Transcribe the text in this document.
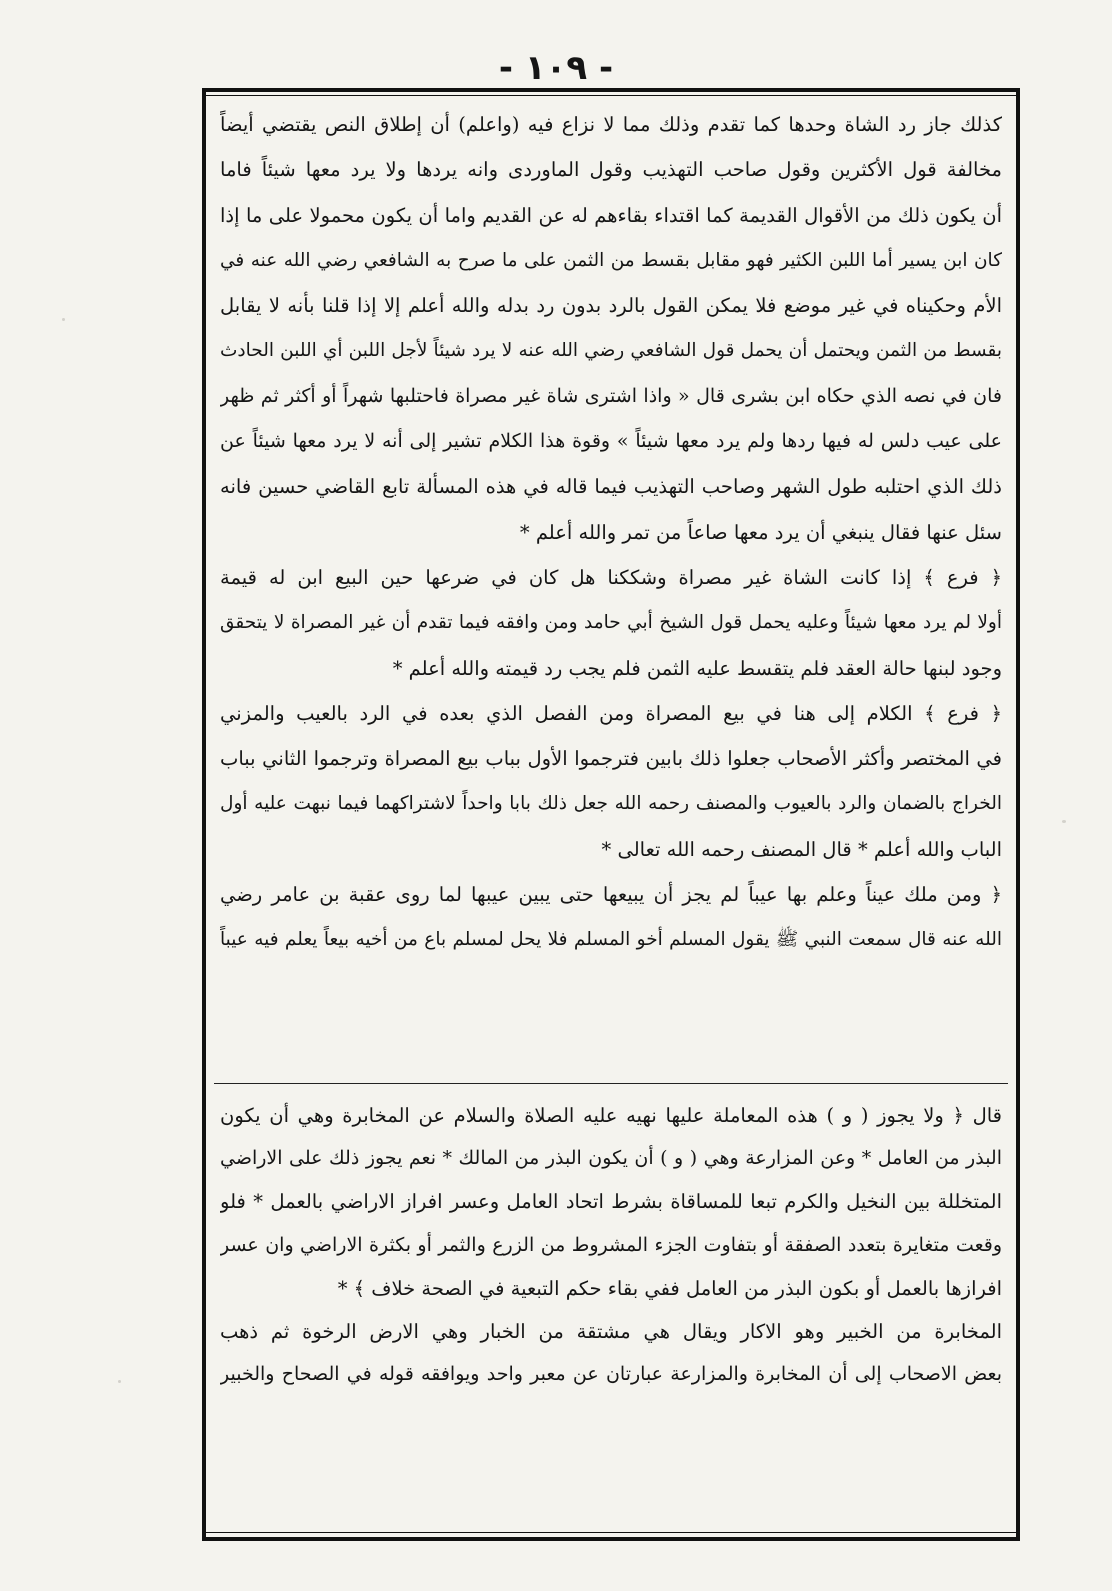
- ١٠٩ -
كذلك جاز رد الشاة وحدها كما تقدم وذلك مما لا نزاع فيه (واعلم) أن إطلاق النص يقتضي أيضاً
مخالفة قول الأكثرين وقول صاحب التهذيب وقول الماوردى وانه يردها ولا يرد معها شيئاً فاما
أن يكون ذلك من الأقوال القديمة كما اقتداء بقاءهم له عن القديم واما أن يكون محمولا على ما إذا
كان ابن يسير أما اللبن الكثير فهو مقابل بقسط من الثمن على ما صرح به الشافعي رضي الله عنه في
الأم وحكيناه في غير موضع فلا يمكن القول بالرد بدون رد بدله والله أعلم إلا إذا قلنا بأنه لا يقابل
بقسط من الثمن ويحتمل أن يحمل قول الشافعي رضي الله عنه لا يرد شيئاً لأجل اللبن أي اللبن الحادث
فان في نصه الذي حكاه ابن بشرى قال « واذا اشترى شاة غير مصراة فاحتلبها شهراً أو أكثر ثم ظهر
على عيب دلس له فيها ردها ولم يرد معها شيئاً » وقوة هذا الكلام تشير إلى أنه لا يرد معها شيئاً عن
ذلك الذي احتلبه طول الشهر وصاحب التهذيب فيما قاله في هذه المسألة تابع القاضي حسين فانه
سئل عنها فقال ينبغي أن يرد معها صاعاً من تمر والله أعلم *
﴿ فرع ﴾ إذا كانت الشاة غير مصراة وشككنا هل كان في ضرعها حين البيع ابن له قيمة
أولا لم يرد معها شيئاً وعليه يحمل قول الشيخ أبي حامد ومن وافقه فيما تقدم أن غير المصراة لا يتحقق
وجود لبنها حالة العقد فلم يتقسط عليه الثمن فلم يجب رد قيمته والله أعلم *
﴿ فرع ﴾ الكلام إلى هنا في بيع المصراة ومن الفصل الذي بعده في الرد بالعيب والمزني
في المختصر وأكثر الأصحاب جعلوا ذلك بابين فترجموا الأول بباب بيع المصراة وترجموا الثاني بباب
الخراج بالضمان والرد بالعيوب والمصنف رحمه الله جعل ذلك بابا واحداً لاشتراكهما فيما نبهت عليه أول
الباب والله أعلم * قال المصنف رحمه الله تعالى *
﴿ ومن ملك عيناً وعلم بها عيباً لم يجز أن يبيعها حتى يبين عيبها لما روى عقبة بن عامر رضي
الله عنه قال سمعت النبي ﷺ يقول المسلم أخو المسلم فلا يحل لمسلم باع من أخيه بيعاً يعلم فيه عيباً
قال ﴿ ولا يجوز ( و ) هذه المعاملة عليها نهيه عليه الصلاة والسلام عن المخابرة وهي أن يكون
البذر من العامل * وعن المزارعة وهي ( و ) أن يكون البذر من المالك * نعم يجوز ذلك على الاراضي
المتخللة بين النخيل والكرم تبعا للمساقاة بشرط اتحاد العامل وعسر افراز الاراضي بالعمل * فلو
وقعت متغايرة بتعدد الصفقة أو بتفاوت الجزء المشروط من الزرع والثمر أو بكثرة الاراضي وان عسر
افرازها بالعمل أو بكون البذر من العامل ففي بقاء حكم التبعية في الصحة خلاف ﴾ *
المخابرة من الخبير وهو الاكار ويقال هي مشتقة من الخبار وهي الارض الرخوة ثم ذهب
بعض الاصحاب إلى أن المخابرة والمزارعة عبارتان عن معبر واحد ويوافقه قوله في الصحاح والخبير
